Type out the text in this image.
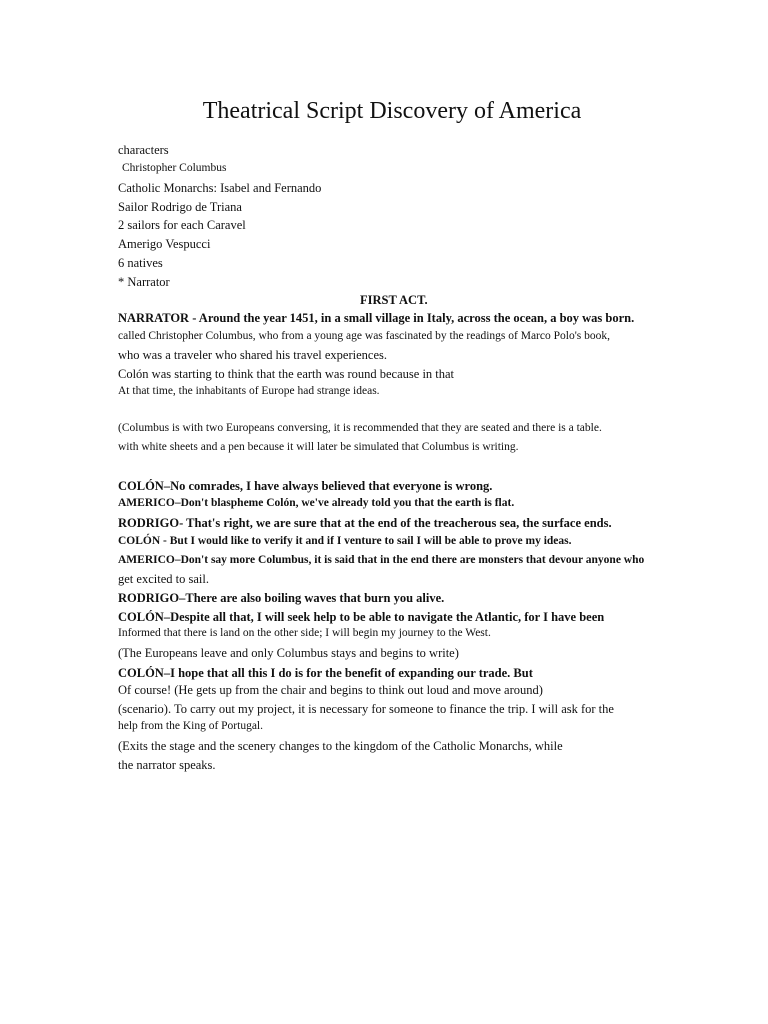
Theatrical Script Discovery of America
characters
Christopher Columbus
Catholic Monarchs: Isabel and Fernando
Sailor Rodrigo de Triana
2 sailors for each Caravel
Amerigo Vespucci
6 natives
* Narrator
FIRST ACT.
NARRATOR - Around the year 1451, in a small village in Italy, across the ocean, a boy was born.
called Christopher Columbus, who from a young age was fascinated by the readings of Marco Polo's book,
who was a traveler who shared his travel experiences.
Colón was starting to think that the earth was round because in that
At that time, the inhabitants of Europe had strange ideas.
(Columbus is with two Europeans conversing, it is recommended that they are seated and there is a table.
with white sheets and a pen because it will later be simulated that Columbus is writing.
COLÓN–No comrades, I have always believed that everyone is wrong.
AMERICO–Don't blaspheme Colón, we've already told you that the earth is flat.
RODRIGO- That's right, we are sure that at the end of the treacherous sea, the surface ends.
COLÓN - But I would like to verify it and if I venture to sail I will be able to prove my ideas.
AMERICO–Don't say more Columbus, it is said that in the end there are monsters that devour anyone who
get excited to sail.
RODRIGO–There are also boiling waves that burn you alive.
COLÓN–Despite all that, I will seek help to be able to navigate the Atlantic, for I have been
Informed that there is land on the other side; I will begin my journey to the West.
(The Europeans leave and only Columbus stays and begins to write)
COLÓN–I hope that all this I do is for the benefit of expanding our trade. But
Of course! (He gets up from the chair and begins to think out loud and move around)
(scenario). To carry out my project, it is necessary for someone to finance the trip. I will ask for the
help from the King of Portugal.
(Exits the stage and the scenery changes to the kingdom of the Catholic Monarchs, while
the narrator speaks.
